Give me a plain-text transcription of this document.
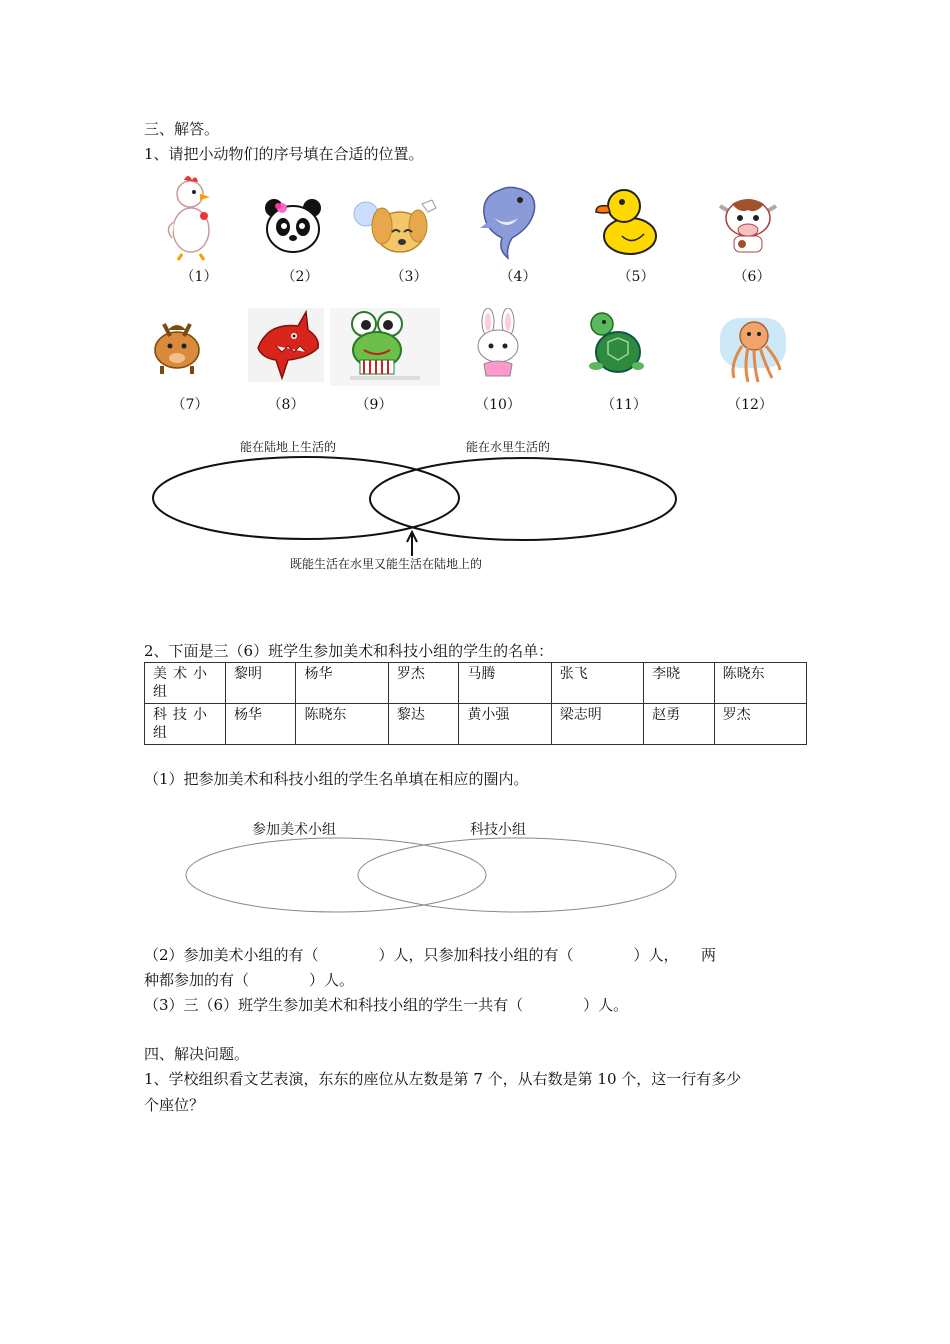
三、解答。
1、请把小动物们的序号填在合适的位置。
（1）	（2）	（3）	（4）	（5）	（6）
（7）	（8）	（9）	（10）	（11）	（12）
能在陆地上生活的	能在水里生活的
既能生活在水里又能生活在陆地上的
2、下面是三（6）班学生参加美术和科技小组的学生的名单：
美术小组	黎明	杨华	罗杰	马腾	张飞	李晓	陈晓东
科技小组	杨华	陈晓东	黎达	黄小强	梁志明	赵勇	罗杰
（1）把参加美术和科技小组的学生名单填在相应的圈内。
参加美术小组	科技小组
（2）参加美术小组的有（　　　　）人，只参加科技小组的有（　　　　）人，　　两
种都参加的有（　　　　）人。
（3）三（6）班学生参加美术和科技小组的学生一共有（　　　　）人。
四、解决问题。
1、学校组织看文艺表演，东东的座位从左数是第 7 个，从右数是第 10 个，这一行有多少
个座位？
